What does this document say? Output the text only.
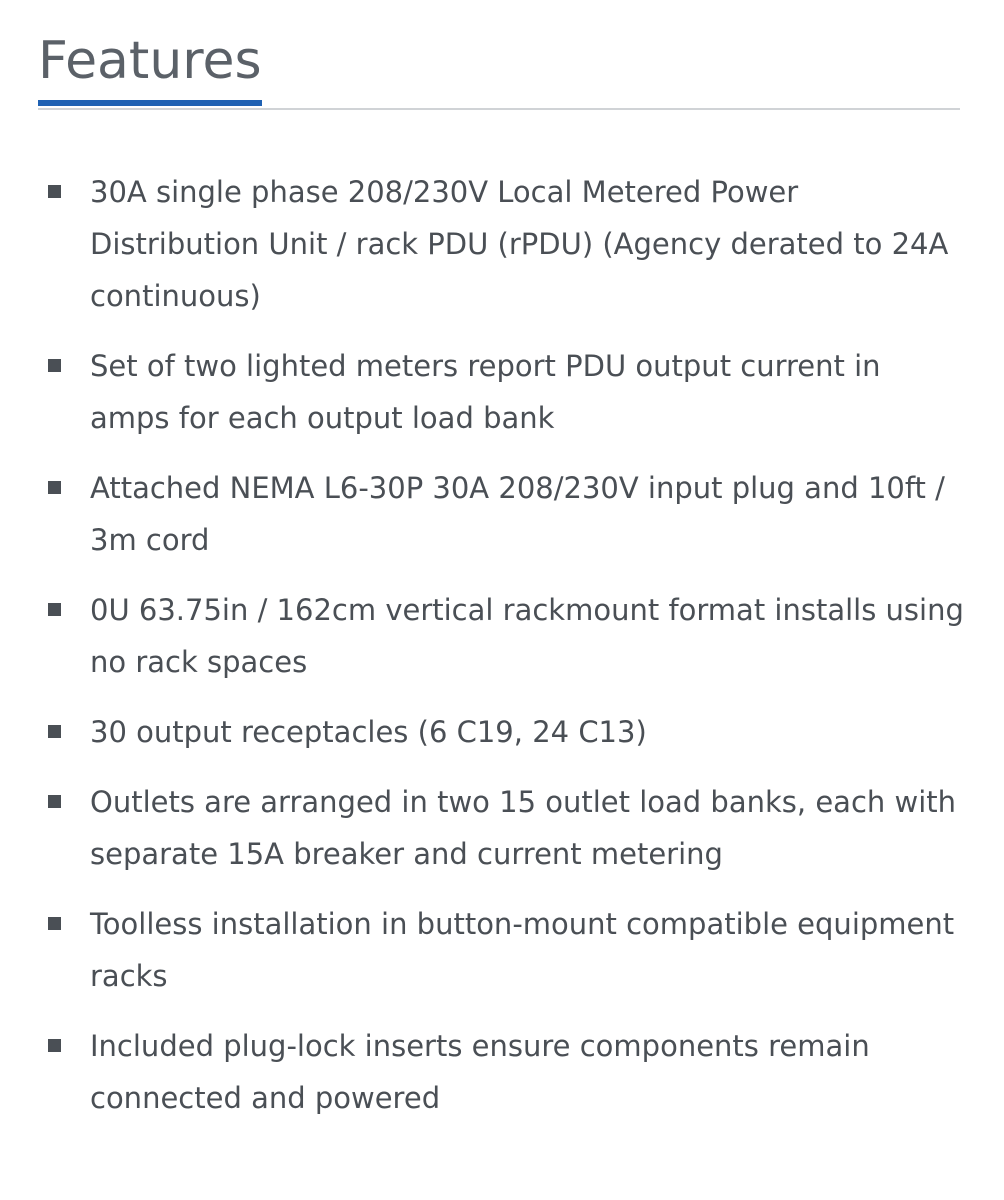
Features
30A single phase 208/230V Local Metered Power Distribution Unit / rack PDU (rPDU) (Agency derated to 24A continuous)
Set of two lighted meters report PDU output current in amps for each output load bank
Attached NEMA L6-30P 30A 208/230V input plug and 10ft / 3m cord
0U 63.75in / 162cm vertical rackmount format installs using no rack spaces
30 output receptacles (6 C19, 24 C13)
Outlets are arranged in two 15 outlet load banks, each with separate 15A breaker and current metering
Toolless installation in button-mount compatible equipment racks
Included plug-lock inserts ensure components remain connected and powered
